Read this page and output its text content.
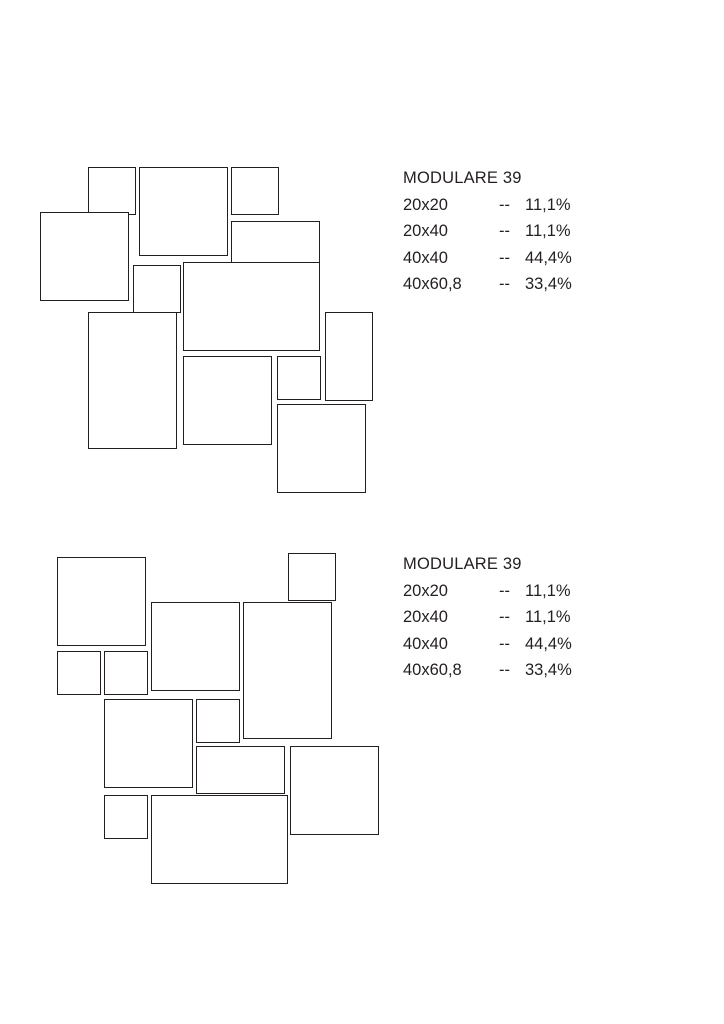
MODULARE 39
20x20	-- 11,1%
20x40	-- 11,1%
40x40	-- 44,4%
40x60,8	-- 33,4%
MODULARE 39
20x20	-- 11,1%
20x40	-- 11,1%
40x40	-- 44,4%
40x60,8	-- 33,4%
